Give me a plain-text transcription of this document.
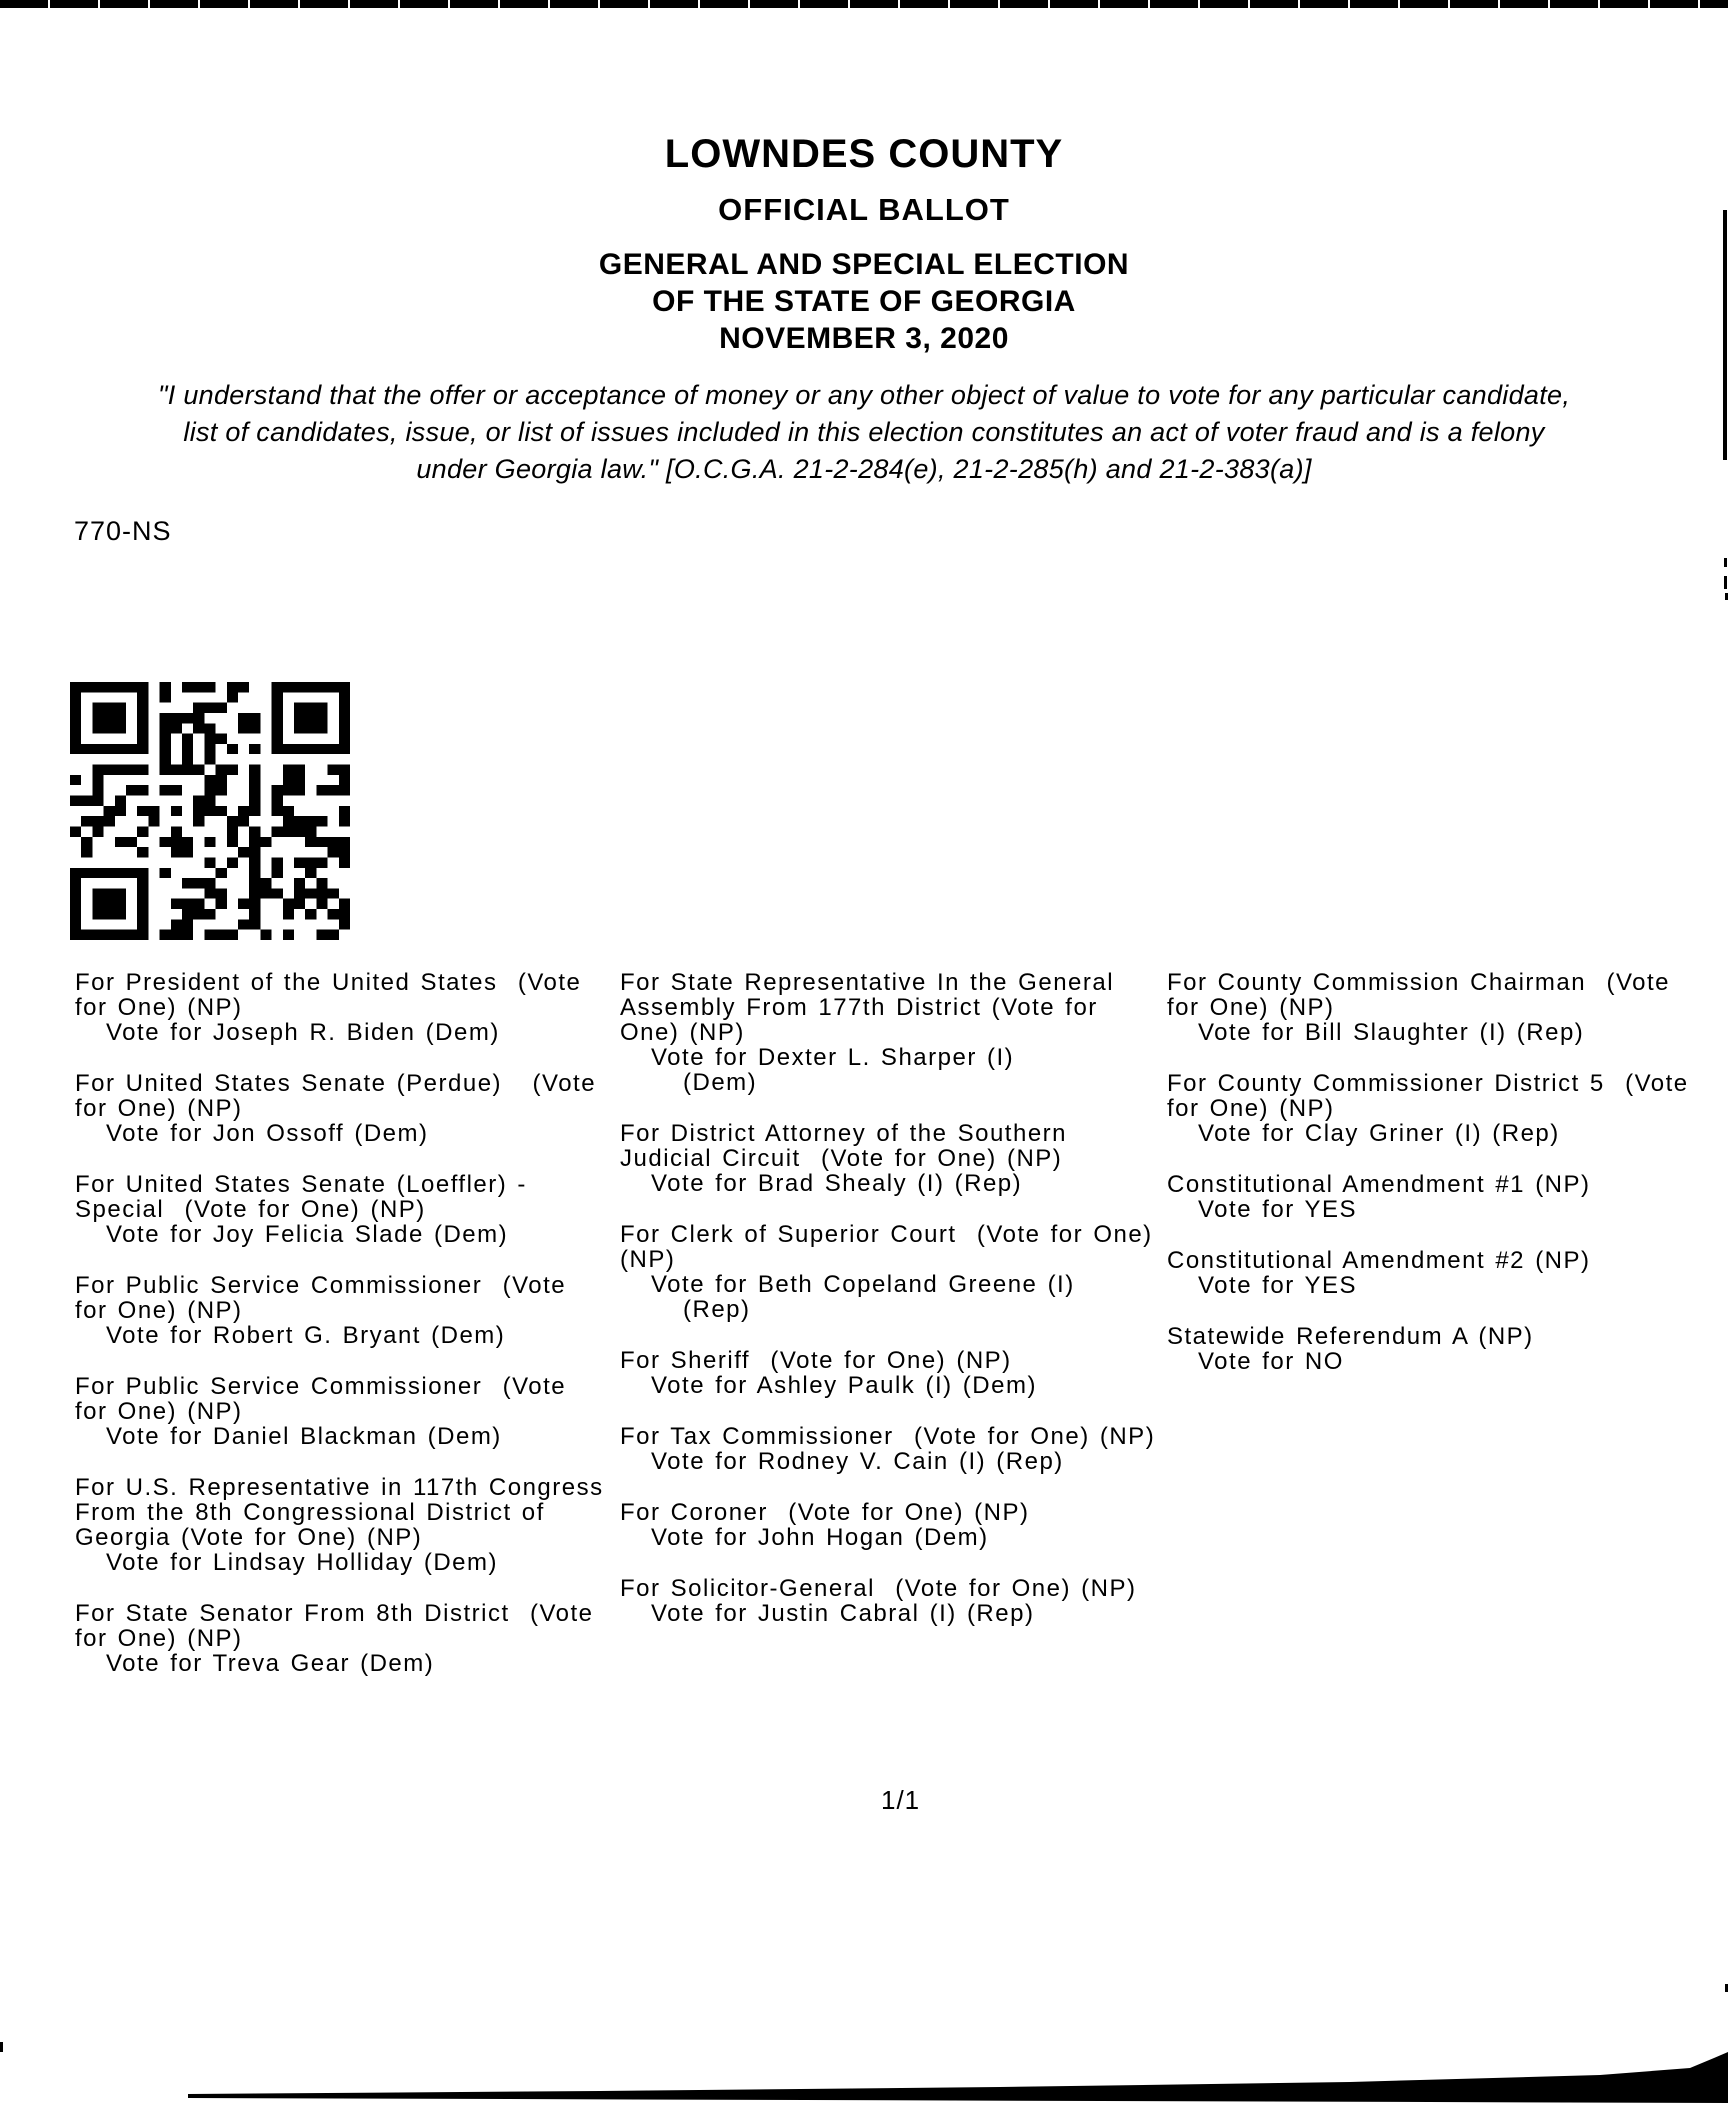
LOWNDES COUNTY
OFFICIAL BALLOT
GENERAL AND SPECIAL ELECTION
OF THE STATE OF GEORGIA
NOVEMBER 3, 2020
"I understand that the offer or acceptance of money or any other object of value to vote for any particular candidate,
list of candidates, issue, or list of issues included in this election constitutes an act of voter fraud and is a felony
under Georgia law." [O.C.G.A. 21-2-284(e), 21-2-285(h) and 21-2-383(a)]
770-NS
For President of the United States  (Vote
for One) (NP)
Vote for Joseph R. Biden (Dem)
For United States Senate (Perdue)   (Vote
for One) (NP)
Vote for Jon Ossoff (Dem)
For United States Senate (Loeffler) -
Special  (Vote for One) (NP)
Vote for Joy Felicia Slade (Dem)
For Public Service Commissioner  (Vote
for One) (NP)
Vote for Robert G. Bryant (Dem)
For Public Service Commissioner  (Vote
for One) (NP)
Vote for Daniel Blackman (Dem)
For U.S. Representative in 117th Congress
From the 8th Congressional District of
Georgia (Vote for One) (NP)
Vote for Lindsay Holliday (Dem)
For State Senator From 8th District  (Vote
for One) (NP)
Vote for Treva Gear (Dem)
For State Representative In the General
Assembly From 177th District (Vote for
One) (NP)
Vote for Dexter L. Sharper (I)
(Dem)
For District Attorney of the Southern
Judicial Circuit  (Vote for One) (NP)
Vote for Brad Shealy (I) (Rep)
For Clerk of Superior Court  (Vote for One)
(NP)
Vote for Beth Copeland Greene (I)
(Rep)
For Sheriff  (Vote for One) (NP)
Vote for Ashley Paulk (I) (Dem)
For Tax Commissioner  (Vote for One) (NP)
Vote for Rodney V. Cain (I) (Rep)
For Coroner  (Vote for One) (NP)
Vote for John Hogan (Dem)
For Solicitor-General  (Vote for One) (NP)
Vote for Justin Cabral (I) (Rep)
For County Commission Chairman  (Vote
for One) (NP)
Vote for Bill Slaughter (I) (Rep)
For County Commissioner District 5  (Vote
for One) (NP)
Vote for Clay Griner (I) (Rep)
Constitutional Amendment #1 (NP)
Vote for YES
Constitutional Amendment #2 (NP)
Vote for YES
Statewide Referendum A (NP)
Vote for NO
1/1
